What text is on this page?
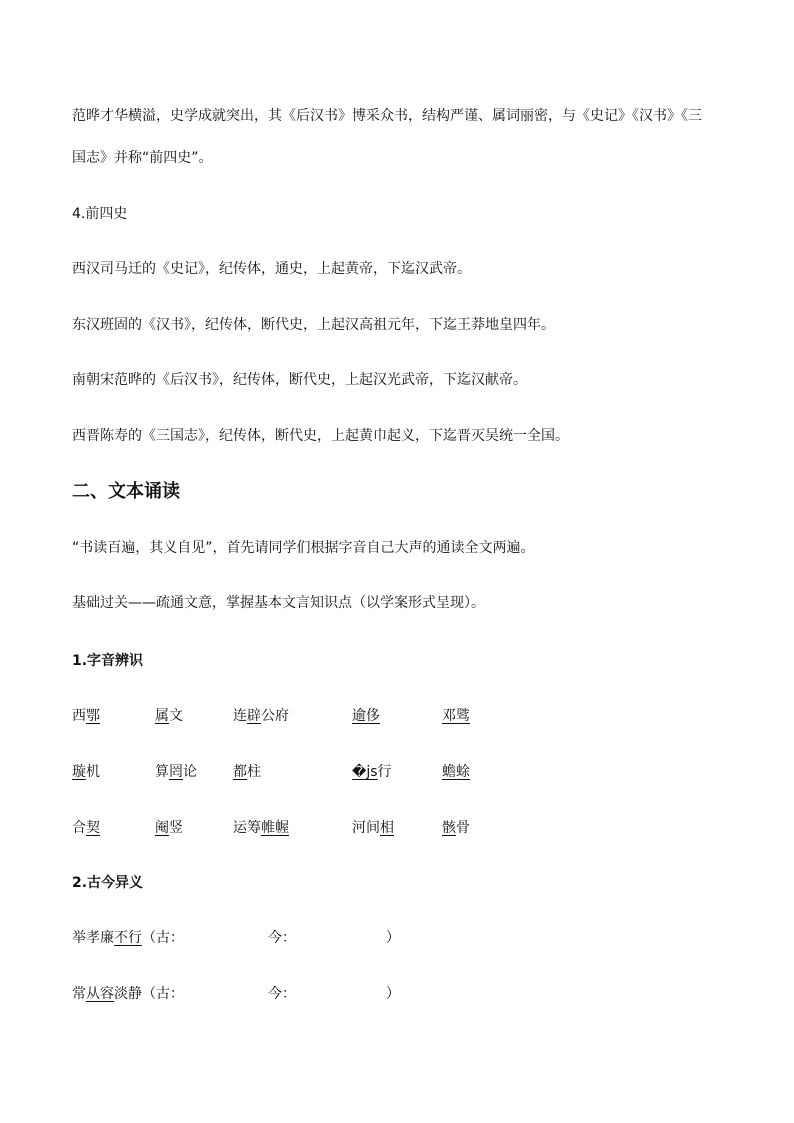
范晔才华横溢，史学成就突出，其《后汉书》博采众书，结构严谨、属词丽密，与《史记》《汉书》《三
国志》并称“前四史”。
4.前四史
西汉司马迁的《史记》，纪传体，通史，上起黄帝，下迄汉武帝。
东汉班固的《汉书》，纪传体，断代史，上起汉高祖元年，下迄王莽地皇四年。
南朝宋范晔的《后汉书》，纪传体，断代史，上起汉光武帝，下迄汉献帝。
西晋陈寿的《三国志》，纪传体，断代史，上起黄巾起义，下迄晋灭吴统一全国。
二、文本诵读
“书读百遍，其义自见”，首先请同学们根据字音自己大声的通读全文两遍。
基础过关——疏通文意，掌握基本文言知识点（以学案形式呈现）。
1.字音辨识
西鄂	属文	连辟公府	逾侈	邓骘
璇机	算罔论	都柱	�js行	蟾蜍
合契	阉竖	运筹帷幄	河间相	骸骨
2.古今异义
举孝廉不行（古：	今：	）
常从容淡静（古：	今：	）
